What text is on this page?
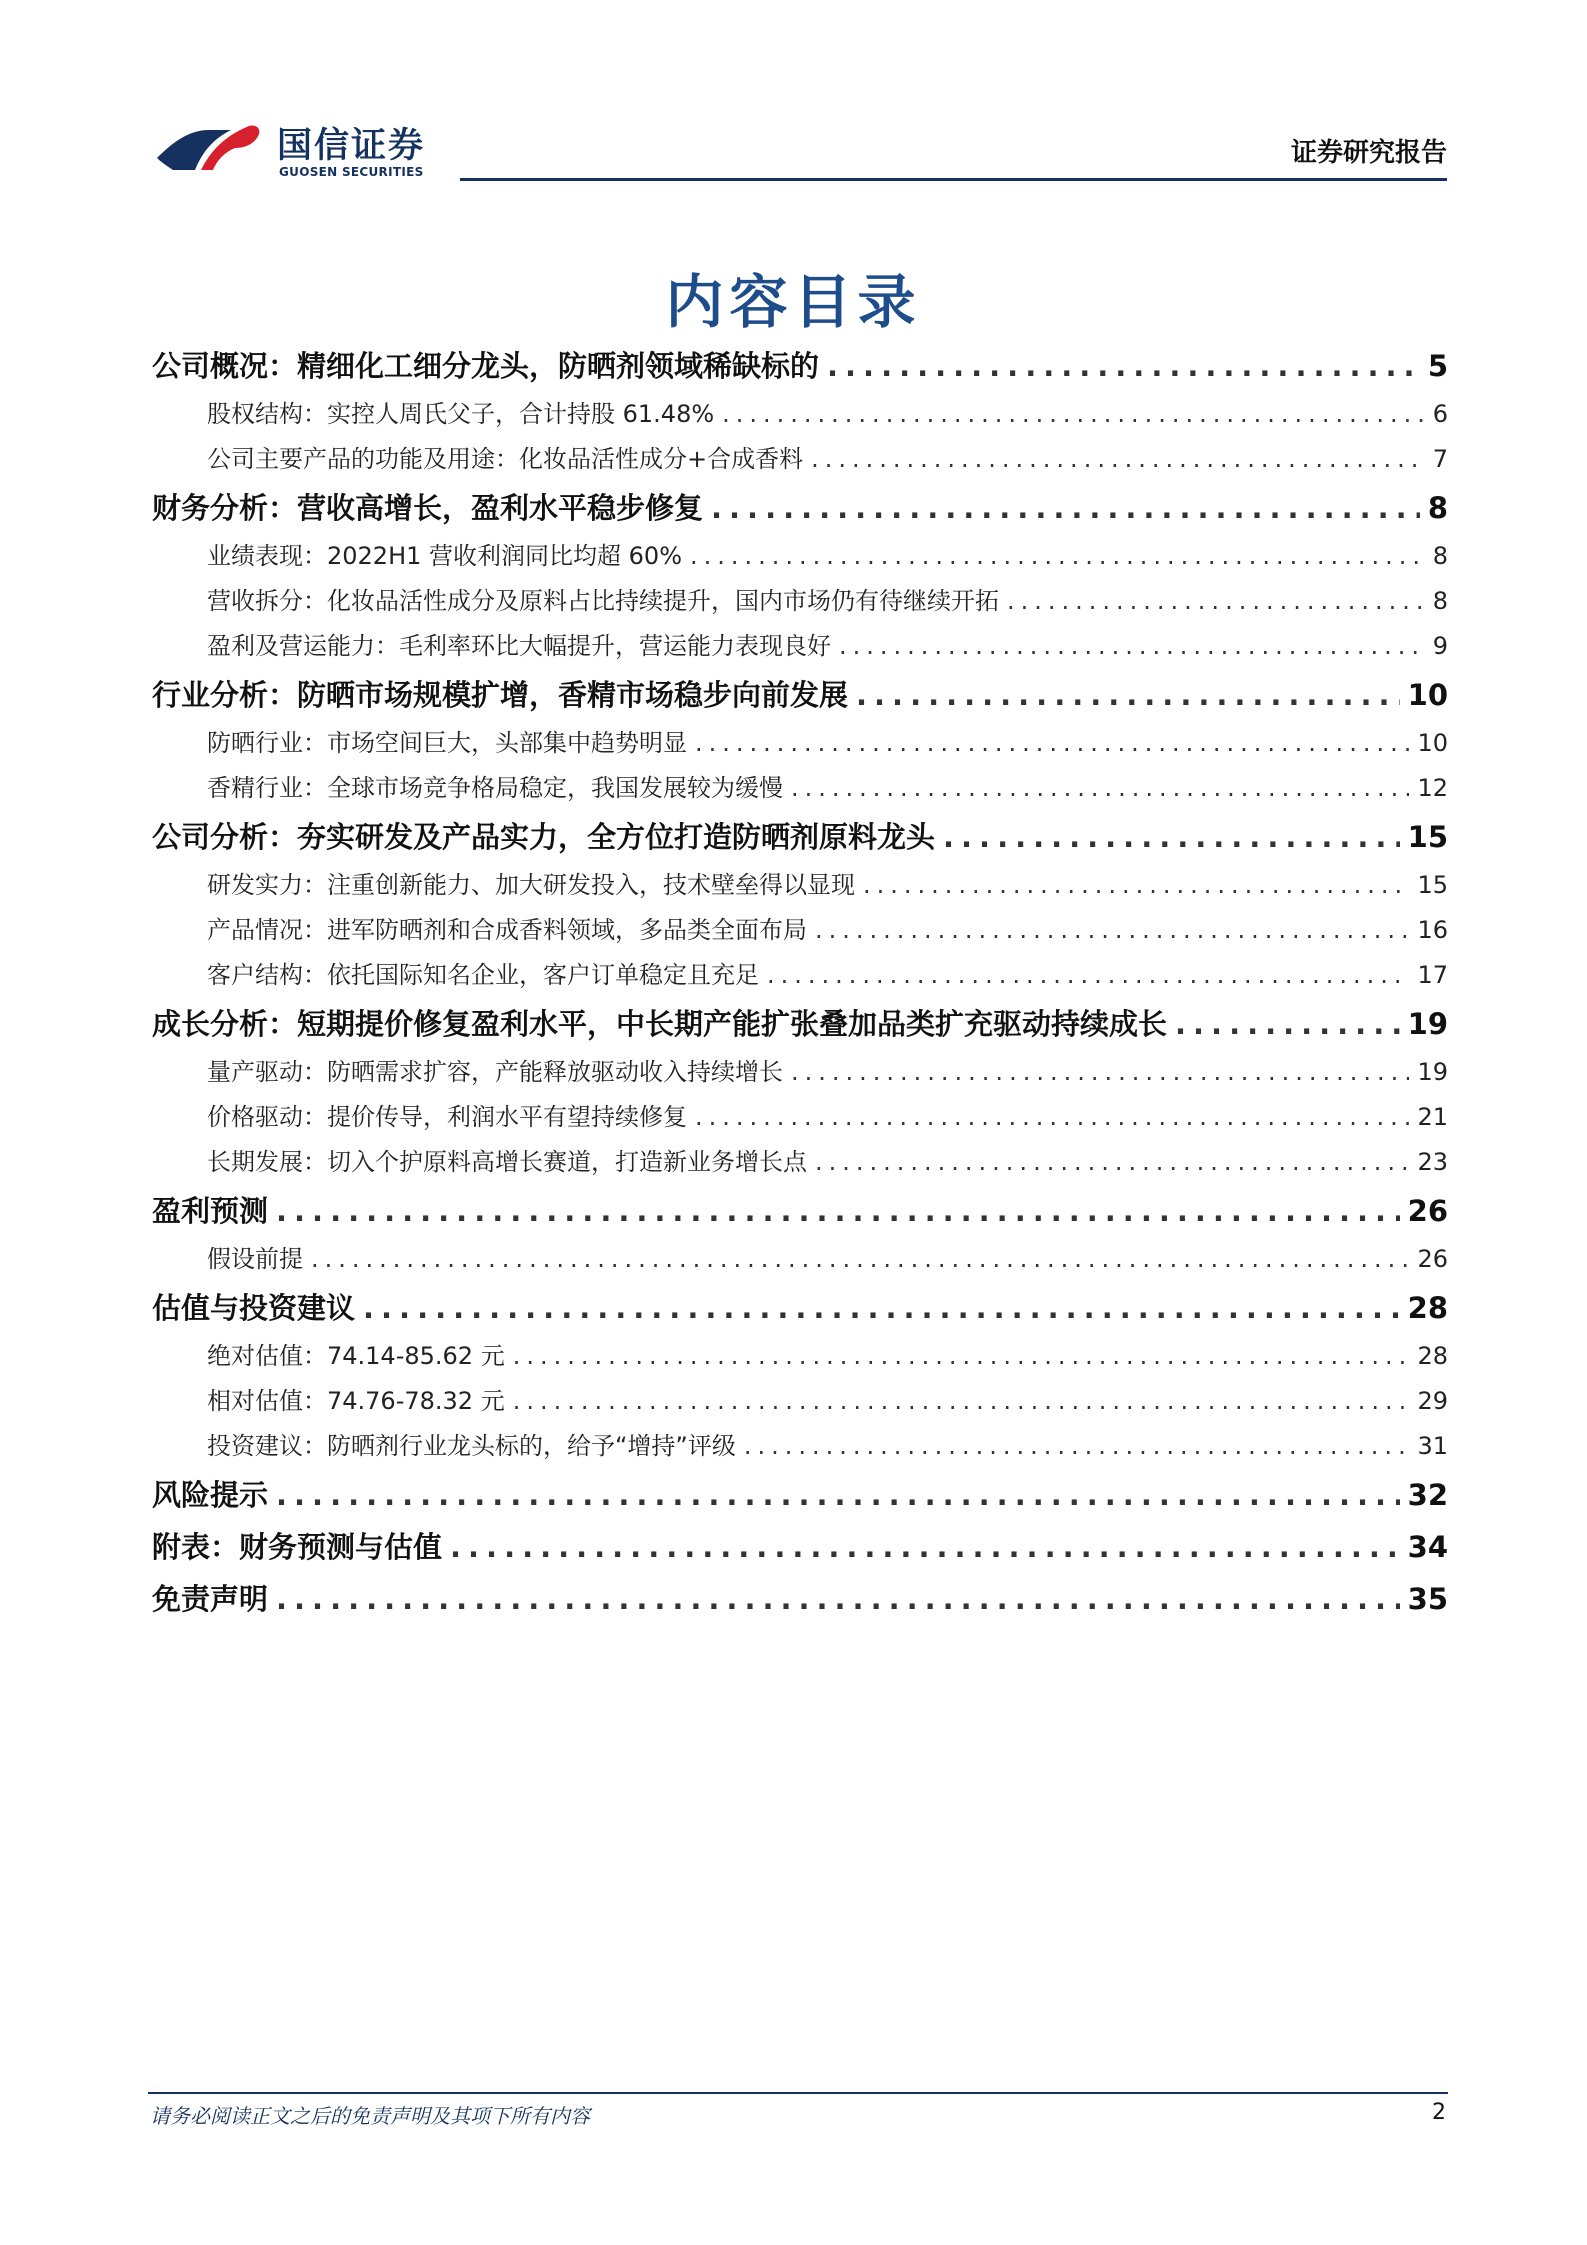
国信证券
GUOSEN SECURITIES
证券研究报告
内容目录
公司概况：精细化工细分龙头，防晒剂领域稀缺标的 .....	5
股权结构：实控人周氏父子，合计持股 61.48% .....	6
公司主要产品的功能及用途：化妆品活性成分+合成香料 .....	7
财务分析：营收高增长，盈利水平稳步修复 .....	8
业绩表现：2022H1 营收利润同比均超 60% .....	8
营收拆分：化妆品活性成分及原料占比持续提升，国内市场仍有待继续开拓 .....	8
盈利及营运能力：毛利率环比大幅提升，营运能力表现良好 .....	9
行业分析：防晒市场规模扩增，香精市场稳步向前发展 .....	10
防晒行业：市场空间巨大，头部集中趋势明显 .....	10
香精行业：全球市场竞争格局稳定，我国发展较为缓慢 .....	12
公司分析：夯实研发及产品实力，全方位打造防晒剂原料龙头 .....	15
研发实力：注重创新能力、加大研发投入，技术壁垒得以显现 .....	15
产品情况：进军防晒剂和合成香料领域，多品类全面布局 .....	16
客户结构：依托国际知名企业，客户订单稳定且充足 .....	17
成长分析：短期提价修复盈利水平，中长期产能扩张叠加品类扩充驱动持续成长 .....	19
量产驱动：防晒需求扩容，产能释放驱动收入持续增长 .....	19
价格驱动：提价传导，利润水平有望持续修复 .....	21
长期发展：切入个护原料高增长赛道，打造新业务增长点 .....	23
盈利预测 .....	26
假设前提 .....	26
估值与投资建议 .....	28
绝对估值：74.14-85.62 元 .....	28
相对估值：74.76-78.32 元 .....	29
投资建议：防晒剂行业龙头标的，给予“增持”评级 .....	31
风险提示 .....	32
附表：财务预测与估值 .....	34
免责声明 .....	35
请务必阅读正文之后的免责声明及其项下所有内容	2
